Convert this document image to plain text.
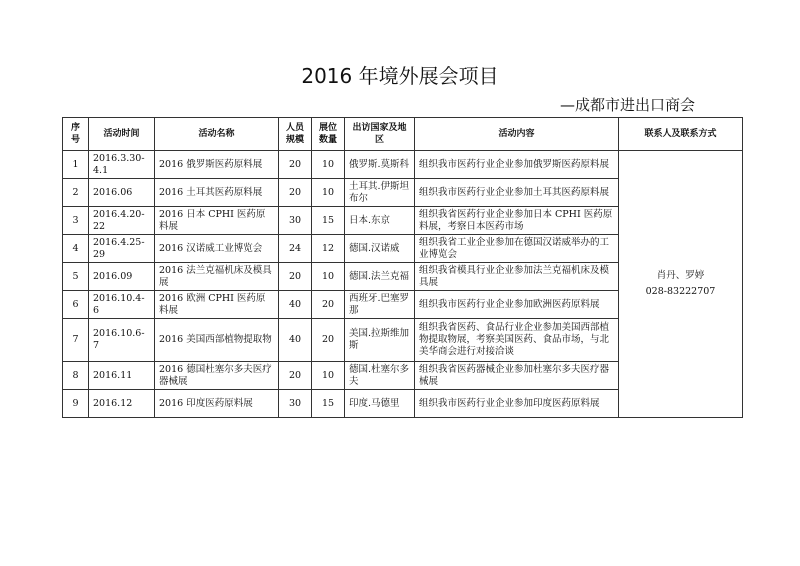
2016 年境外展会项目
—成都市进出口商会
序号	活动时间	活动名称	人员规模	展位数量	出访国家及地区	活动内容	联系人及联系方式
1	2016.3.30-4.1	2016 俄罗斯医药原料展	20	10	俄罗斯.莫斯科	组织我市医药行业企业参加俄罗斯医药原料展	肖丹、罗婷
028-83222707

2	2016.06	2016 土耳其医药原料展	20	10	土耳其.伊斯坦布尔	组织我市医药行业企业参加土耳其医药原料展	
3	2016.4.20-22	2016 日本 CPHI 医药原料展	30	15	日本.东京	组织我省医药行业企业参加日本 CPHI 医药原料展，考察日本医药市场	
4	2016.4.25-29	2016 汉诺威工业博览会	24	12	德国.汉诺威	组织我省工业企业参加在德国汉诺威举办的工业博览会	
5	2016.09	2016 法兰克福机床及模具展	20	10	德国.法兰克福	组织我省模具行业企业参加法兰克福机床及模具展	
6	2016.10.4-6	2016 欧洲 CPHI 医药原料展	40	20	西班牙.巴塞罗那	组织我市医药行业企业参加欧洲医药原料展	
7	2016.10.6-7	2016 美国西部植物提取物	40	20	美国.拉斯维加斯	组织我省医药、食品行业企业参加美国西部植物提取物展，考察美国医药、食品市场，与北美华商会进行对接洽谈	
8	2016.11	2016 德国杜塞尔多夫医疗器械展	20	10	德国.杜塞尔多夫	组织我省医药器械企业参加杜塞尔多夫医疗器械展	
9	2016.12	2016 印度医药原料展	30	15	印度.马德里	组织我市医药行业企业参加印度医药原料展	
